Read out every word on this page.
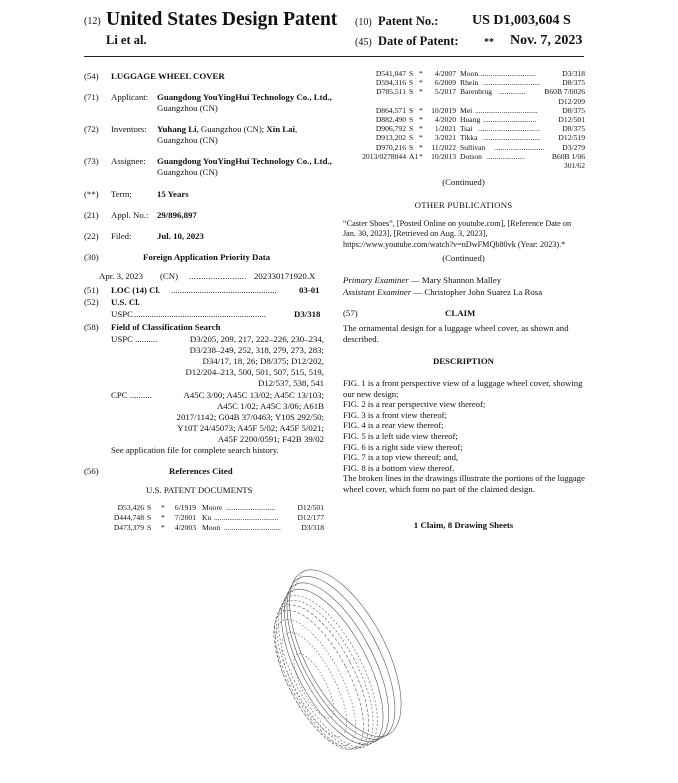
(12) United States Design Patent
Li et al.
(10) Patent No.: US D1,003,604 S
(45) Date of Patent:	** Nov. 7, 2023
(54) LUGGAGE WHEEL COVER
(71) Applicant: Guangdong YouYingHui Technology Co., Ltd., Guangzhou (CN)
(72) Inventors: Yuhang Li, Guangzhou (CN); Xin Lai, Guangzhou (CN)
(73) Assignee: Guangdong YouYingHui Technology Co., Ltd., Guangzhou (CN)
(**) Term:	15 Years
(21) Appl. No.: 29/896,897
(22) Filed:	Jul. 10, 2023
(30)	Foreign Application Priority Data
Apr. 3, 2023 (CN) ........................ 202330171920.X
(51) LOC (14) Cl. ................................................	03-01
(52) U.S. Cl.
USPC ............................................................	D3/318
(58) Field of Classification Search
USPC ..........	D3/205, 209, 217, 222–226, 230–234,
D3/238–249, 252, 318, 279, 273, 283;
D34/17, 18, 26; D8/375; D12/202,
D12/204–213, 500, 501, 507, 515, 519,
D12/537, 538, 541
CPC ..........	A45C 3/00; A45C 13/02; A45C 13/103;
A45C 1/02; A45C 3/06; A61B
2017/1142; G04B 37/0463; Y10S 292/50;
Y10T 24/45073; A45F 5/02; A45F 5/021;
A45F 2200/0591; F42B 39/02
See application file for complete search history.
(56)	References Cited
U.S. PATENT DOCUMENTS
D53,426 S *	6/1919 Moore ..........................	D12/501
D444,748 S *	7/2001 Ku ..................................	D12/177
D473,379 S *	4/2003 Moon ..............................	D3/318
D541,047 S *	4/2007 Moon ..............................	D3/318
D594,316 S *	6/2009 Rhein ..............................	D8/375
D785,511 S *	5/2017 Barenbrug ..............	B60B 7/0026
D12/209
D864,571 S *	10/2019 Mei .................................	D8/375
D882,490 S *	4/2020 Huang ............................	D12/501
D906,792 S *	1/2021 Tsai ................................	D8/375
D913,202 S *	3/2021 Tikka ..............................	D12/519
D970,216 S *	11/2022 Sullivan ..........................	D3/279
2013/0278044 A1 *	10/2013 Dotson ....................	B60B 1/06
301/62
(Continued)
OTHER PUBLICATIONS
“Caster Shoes”, [Posted Online on youtube.com], [Reference Date on Jan. 30, 2023], [Retrieved on Aug. 3, 2023], https://www.youtube.com/watch?v=nDwFMQb80vk (Year: 2023).*
(Continued)
Primary Examiner — Mary Shannon Malley
Assistant Examiner — Christopher John Suarez La Rosa
(57)	CLAIM
The ornamental design for a luggage wheel cover, as shown and described.
DESCRIPTION
FIG. 1 is a front perspective view of a luggage wheel cover, showing our new design;
FIG. 2 is a rear perspective view thereof;
FIG. 3 is a front view thereof;
FIG. 4 is a rear view thereof;
FIG. 5 is a left side view thereof;
FIG. 6 is a right side view thereof;
FIG. 7 is a top view thereof; and,
FIG. 8 is a bottom view thereof.
The broken lines in the drawings illustrate the portions of the luggage wheel cover, which form no part of the claimed design.
1 Claim, 8 Drawing Sheets
